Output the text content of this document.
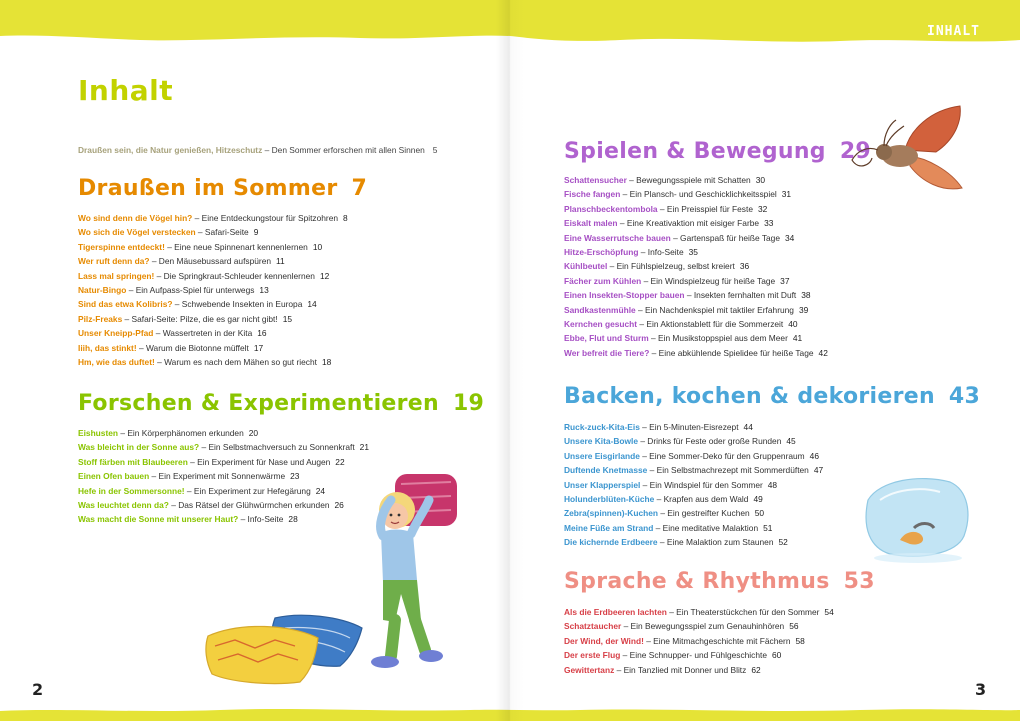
INHALT
Inhalt
Draußen sein, die Natur genießen, Hitzeschutz – Den Sommer erforschen mit allen Sinnen 5
Draußen im Sommer 7
Wo sind denn die Vögel hin? – Eine Entdeckungstour für Spitzohren 8
Wo sich die Vögel verstecken – Safari-Seite 9
Tigerspinne entdeckt! – Eine neue Spinnenart kennenlernen 10
Wer ruft denn da? – Den Mäusebussard aufspüren 11
Lass mal springen! – Die Springkraut-Schleuder kennenlernen 12
Natur-Bingo – Ein Aufpass-Spiel für unterwegs 13
Sind das etwa Kolibris? – Schwebende Insekten in Europa 14
Pilz-Freaks – Safari-Seite: Pilze, die es gar nicht gibt! 15
Unser Kneipp-Pfad – Wassertreten in der Kita 16
Iiih, das stinkt! – Warum die Biotonne müffelt 17
Hm, wie das duftet! – Warum es nach dem Mähen so gut riecht 18
Forschen & Experimentieren 19
Eishusten – Ein Körperphänomen erkunden 20
Was bleicht in der Sonne aus? – Ein Selbstmachversuch zu Sonnenkraft 21
Stoff färben mit Blaubeeren – Ein Experiment für Nase und Augen 22
Einen Ofen bauen – Ein Experiment mit Sonnenwärme 23
Hefe in der Sommersonne! – Ein Experiment zur Hefegärung 24
Was leuchtet denn da? – Das Rätsel der Glühwürmchen erkunden 26
Was macht die Sonne mit unserer Haut? – Info-Seite 28
Spielen & Bewegung 29
Schattensucher – Bewegungsspiele mit Schatten 30
Fische fangen – Ein Plansch- und Geschicklichkeitsspiel 31
Planschbeckentombola – Ein Preisspiel für Feste 32
Eiskalt malen – Eine Kreativaktion mit eisiger Farbe 33
Eine Wasserrutsche bauen – Gartenspaß für heiße Tage 34
Hitze-Erschöpfung – Info-Seite 35
Kühlbeutel – Ein Fühlspielzeug, selbst kreiert 36
Fächer zum Kühlen – Ein Windspielzeug für heiße Tage 37
Einen Insekten-Stopper bauen – Insekten fernhalten mit Duft 38
Sandkastenmühle – Ein Nachdenkspiel mit taktiler Erfahrung 39
Kernchen gesucht – Ein Aktionstablett für die Sommerzeit 40
Ebbe, Flut und Sturm – Ein Musikstoppspiel aus dem Meer 41
Wer befreit die Tiere? – Eine abkühlende Spielidee für heiße Tage 42
Backen, kochen & dekorieren 43
Ruck-zuck-Kita-Eis – Ein 5-Minuten-Eisrezept 44
Unsere Kita-Bowle – Drinks für Feste oder große Runden 45
Unsere Eisgirlande – Eine Sommer-Deko für den Gruppenraum 46
Duftende Knetmasse – Ein Selbstmachrezept mit Sommerdüften 47
Unser Klapperspiel – Ein Windspiel für den Sommer 48
Holunderblüten-Küche – Krapfen aus dem Wald 49
Zebra(spinnen)-Kuchen – Ein gestreifter Kuchen 50
Meine Füße am Strand – Eine meditative Malaktion 51
Die kichernde Erdbeere – Eine Malaktion zum Staunen 52
Sprache & Rhythmus 53
Als die Erdbeeren lachten – Ein Theaterstückchen für den Sommer 54
Schatztaucher – Ein Bewegungsspiel zum Genauhinhören 56
Der Wind, der Wind! – Eine Mitmachgeschichte mit Fächern 58
Der erste Flug – Eine Schnupper- und Fühlgeschichte 60
Gewittertanz – Ein Tanzlied mit Donner und Blitz 62
2	3
